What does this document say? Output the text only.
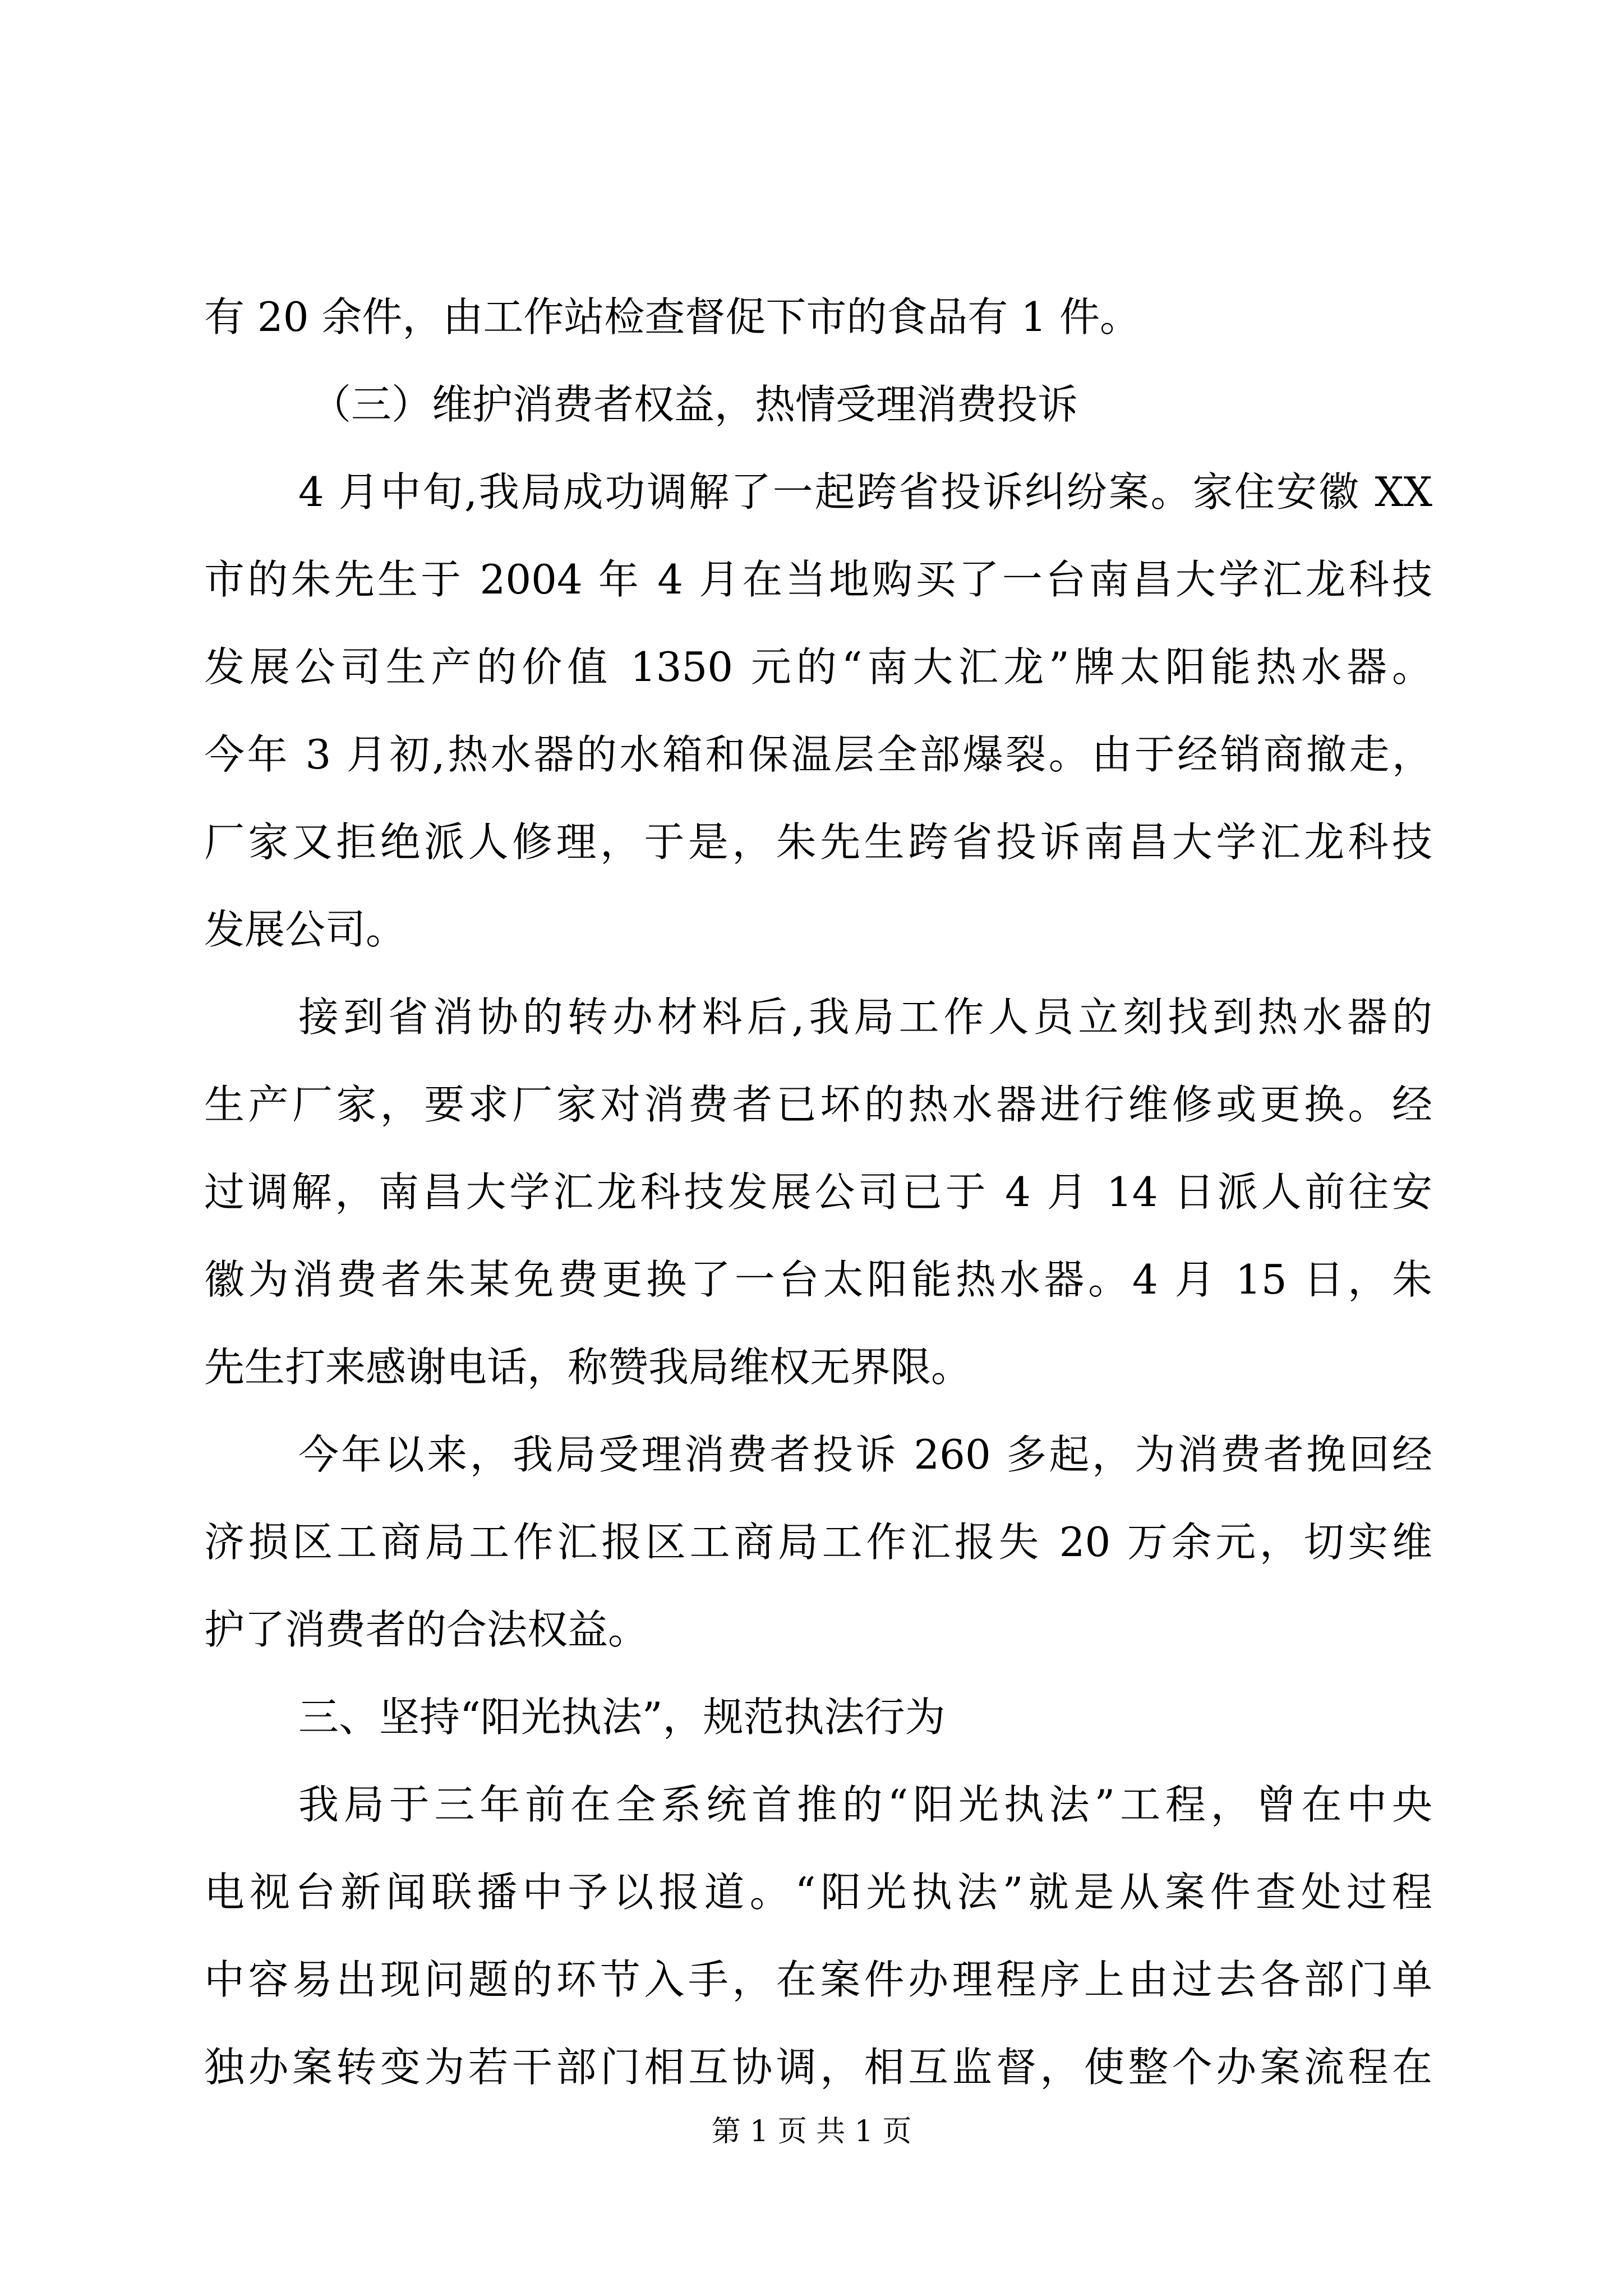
有 20 余件，由工作站检查督促下市的食品有 1 件。
（三）维护消费者权益，热情受理消费投诉
4 月中旬,我局成功调解了一起跨省投诉纠纷案。家住安徽 XX
市的朱先生于 2004 年 4 月在当地购买了一台南昌大学汇龙科技
发展公司生产的价值 1350 元的“南大汇龙”牌太阳能热水器。
今年 3 月初,热水器的水箱和保温层全部爆裂。由于经销商撤走，
厂家又拒绝派人修理，于是，朱先生跨省投诉南昌大学汇龙科技
发展公司。
接到省消协的转办材料后,我局工作人员立刻找到热水器的
生产厂家，要求厂家对消费者已坏的热水器进行维修或更换。经
过调解，南昌大学汇龙科技发展公司已于 4 月 14 日派人前往安
徽为消费者朱某免费更换了一台太阳能热水器。4 月 15 日，朱
先生打来感谢电话，称赞我局维权无界限。
今年以来，我局受理消费者投诉 260 多起，为消费者挽回经
济损区工商局工作汇报区工商局工作汇报失 20 万余元，切实维
护了消费者的合法权益。
三、坚持“阳光执法”，规范执法行为
我局于三年前在全系统首推的“阳光执法”工程，曾在中央
电视台新闻联播中予以报道。“阳光执法”就是从案件查处过程
中容易出现问题的环节入手，在案件办理程序上由过去各部门单
独办案转变为若干部门相互协调，相互监督，使整个办案流程在
第 1 页 共 1 页
